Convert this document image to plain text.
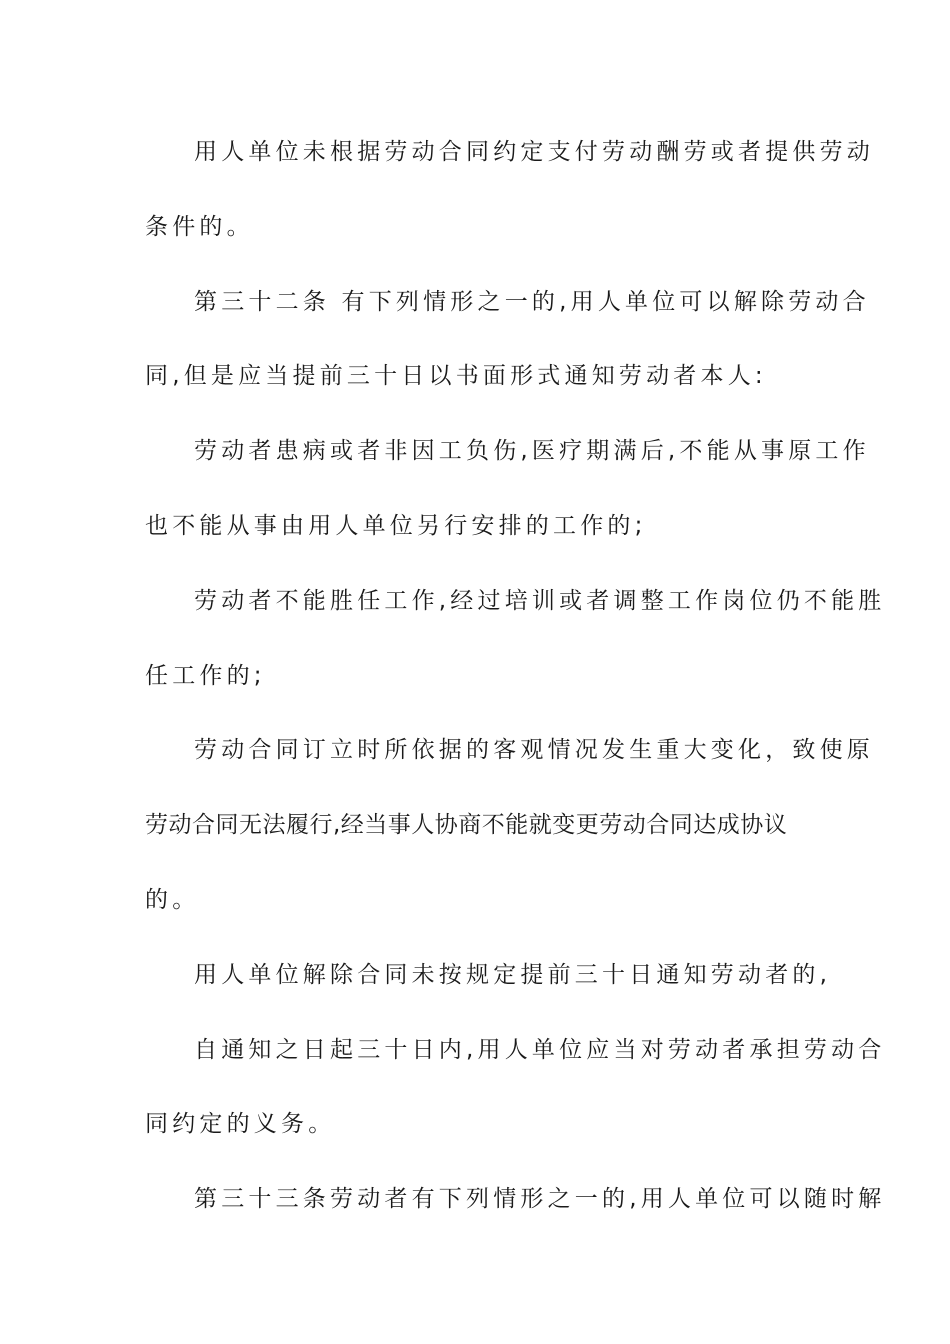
用人单位未根据劳动合同约定支付劳动酬劳或者提供劳动
条件的。
第三十二条 有下列情形之一的,用人单位可以解除劳动合
同,但是应当提前三十日以书面形式通知劳动者本人:
劳动者患病或者非因工负伤,医疗期满后,不能从事原工作
也不能从事由用人单位另行安排的工作的;
劳动者不能胜任工作,经过培训或者调整工作岗位仍不能胜
任工作的;
劳动合同订立时所依据的客观情况发生重大变化，致使原
劳动合同无法履行,经当事人协商不能就变更劳动合同达成协议
的。
用人单位解除合同未按规定提前三十日通知劳动者的,
自通知之日起三十日内,用人单位应当对劳动者承担劳动合
同约定的义务。
第三十三条劳动者有下列情形之一的,用人单位可以随时解
